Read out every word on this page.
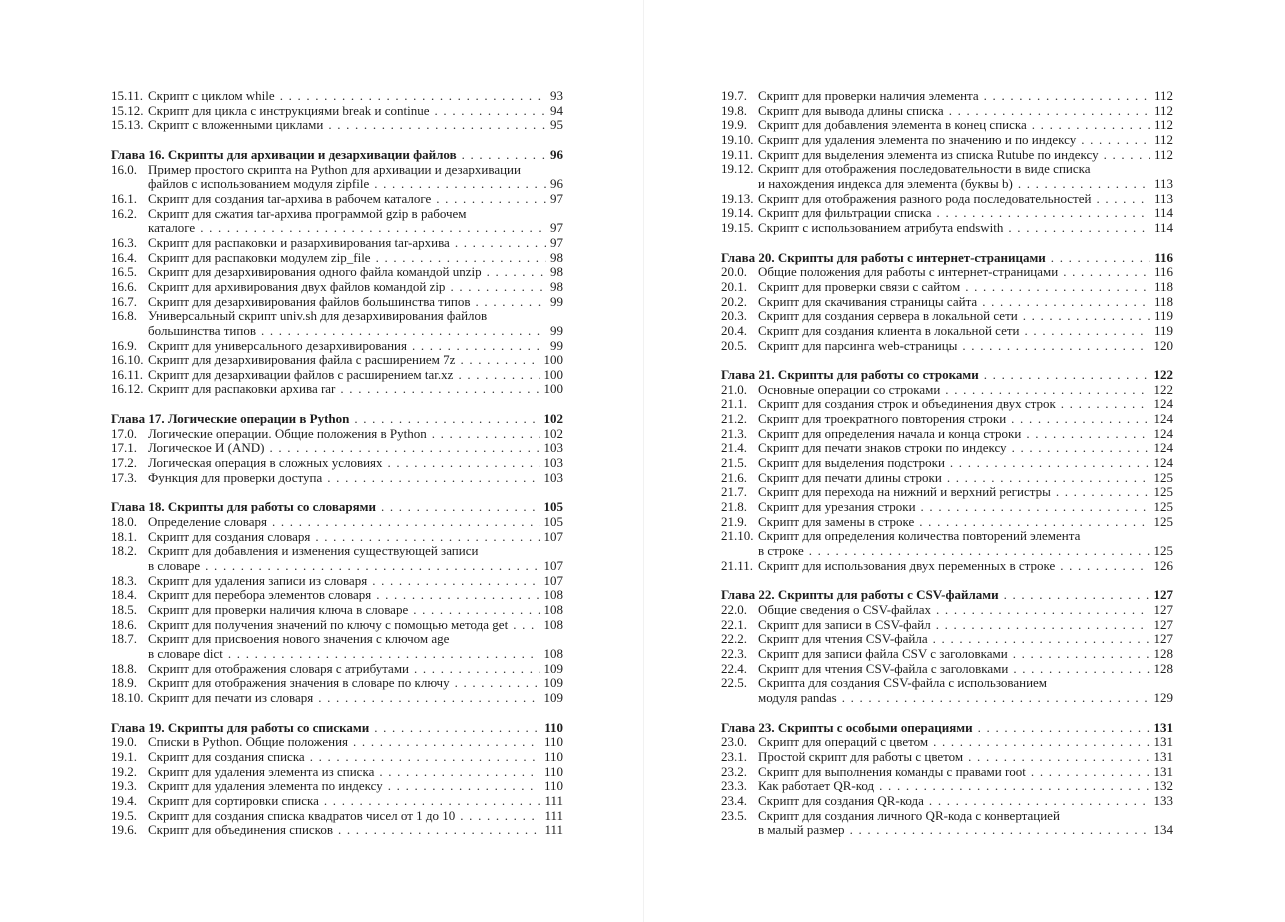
15.11. Скрипт с циклом while . . .	93
15.12. Скрипт для цикла с инструкциями break и continue . . .	94
15.13. Скрипт с вложенными циклами . . .	95
Глава 16. Скрипты для архивации и дезархивации файлов . . .	96
16.0. Пример простого скрипта на Python для архивации и дезархивации
файлов с использованием модуля zipfile . . .	96
16.1. Скрипт для создания tar-архива в рабочем каталоге . . .	97
16.2. Скрипт для сжатия tar-архива программой gzip в рабочем
каталоге . . .	97
16.3. Скрипт для распаковки и разархивирования tar-архива . . .	97
16.4. Скрипт для распаковки модулем zip_file . . .	98
16.5. Скрипт для дезархивирования одного файла командой unzip . . .	98
16.6. Скрипт для архивирования двух файлов командой zip . . .	98
16.7. Скрипт для дезархивирования файлов большинства типов . . .	99
16.8. Универсальный скрипт univ.sh для дезархивирования файлов
большинства типов . . .	99
16.9. Скрипт для универсального дезархивирования . . .	99
16.10. Скрипт для дезархивирования файла с расширением 7z . . .	100
16.11. Скрипт для дезархивации файлов с расширением tar.xz . . .	100
16.12. Скрипт для распаковки архива rar . . .	100
Глава 17. Логические операции в Python . . .	102
17.0. Логические операции. Общие положения в Python . . .	102
17.1. Логическое И (AND) . . .	103
17.2. Логическая операция в сложных условиях . . .	103
17.3. Функция для проверки доступа . . .	103
Глава 18. Скрипты для работы со словарями . . .	105
18.0. Определение словаря . . .	105
18.1. Скрипт для создания словаря . . .	107
18.2. Скрипт для добавления и изменения существующей записи
в словаре . . .	107
18.3. Скрипт для удаления записи из словаря . . .	107
18.4. Скрипт для перебора элементов словаря . . .	108
18.5. Скрипт для проверки наличия ключа в словаре . . .	108
18.6. Скрипт для получения значений по ключу с помощью метода get . . .	108
18.7. Скрипт для присвоения нового значения с ключом age
в словаре dict . . .	108
18.8. Скрипт для отображения словаря с атрибутами . . .	109
18.9. Скрипт для отображения значения в словаре по ключу . . .	109
18.10. Скрипт для печати из словаря . . .	109
Глава 19. Скрипты для работы со списками . . .	110
19.0. Списки в Python. Общие положения . . .	110
19.1. Скрипт для создания списка . . .	110
19.2. Скрипт для удаления элемента из списка . . .	110
19.3. Скрипт для удаления элемента по индексу . . .	110
19.4. Скрипт для сортировки списка . . .	111
19.5. Скрипт для создания списка квадратов чисел от 1 до 10 . . .	111
19.6. Скрипт для объединения списков . . .	111
19.7. Скрипт для проверки наличия элемента . . .	112
19.8. Скрипт для вывода длины списка . . .	112
19.9. Скрипт для добавления элемента в конец списка . . .	112
19.10. Скрипт для удаления элемента по значению и по индексу . . .	112
19.11. Скрипт для выделения элемента из списка Rutube по индексу . . .	112
19.12. Скрипт для отображения последовательности в виде списка
и нахождения индекса для элемента (буквы b) . . .	113
19.13. Скрипт для отображения разного рода последовательностей . . .	113
19.14. Скрипт для фильтрации списка . . .	114
19.15. Скрипт с использованием атрибута endswith . . .	114
Глава 20. Скрипты для работы с интернет-страницами . . .	116
20.0. Общие положения для работы с интернет-страницами . . .	116
20.1. Скрипт для проверки связи с сайтом . . .	118
20.2. Скрипт для скачивания страницы сайта . . .	118
20.3. Скрипт для создания сервера в локальной сети . . .	119
20.4. Скрипт для создания клиента в локальной сети . . .	119
20.5. Скрипт для парсинга web-страницы . . .	120
Глава 21. Скрипты для работы со строками . . .	122
21.0. Основные операции со строками . . .	122
21.1. Скрипт для создания строк и объединения двух строк . . .	124
21.2. Скрипт для троекратного повторения строки . . .	124
21.3. Скрипт для определения начала и конца строки . . .	124
21.4. Скрипт для печати знаков строки по индексу . . .	124
21.5. Скрипт для выделения подстроки . . .	124
21.6. Скрипт для печати длины строки . . .	125
21.7. Скрипт для перехода на нижний и верхний регистры . . .	125
21.8. Скрипт для урезания строки . . .	125
21.9. Скрипт для замены в строке . . .	125
21.10. Скрипт для определения количества повторений элемента
в строке . . .	125
21.11. Скрипт для использования двух переменных в строке . . .	126
Глава 22. Скрипты для работы с CSV-файлами . . .	127
22.0. Общие сведения о CSV-файлах . . .	127
22.1. Скрипт для записи в CSV-файл . . .	127
22.2. Скрипт для чтения CSV-файла . . .	127
22.3. Скрипт для записи файла CSV с заголовками . . .	128
22.4. Скрипт для чтения CSV-файла с заголовками . . .	128
22.5. Скрипта для создания CSV-файла с использованием
модуля pandas . . .	129
Глава 23. Скрипты с особыми операциями . . .	131
23.0. Скрипт для операций с цветом . . .	131
23.1. Простой скрипт для работы с цветом . . .	131
23.2. Скрипт для выполнения команды с правами root . . .	131
23.3. Как работает QR-код . . .	132
23.4. Скрипт для создания QR-кода . . .	133
23.5. Скрипт для создания личного QR-кода с конвертацией
в малый размер . . .	134
